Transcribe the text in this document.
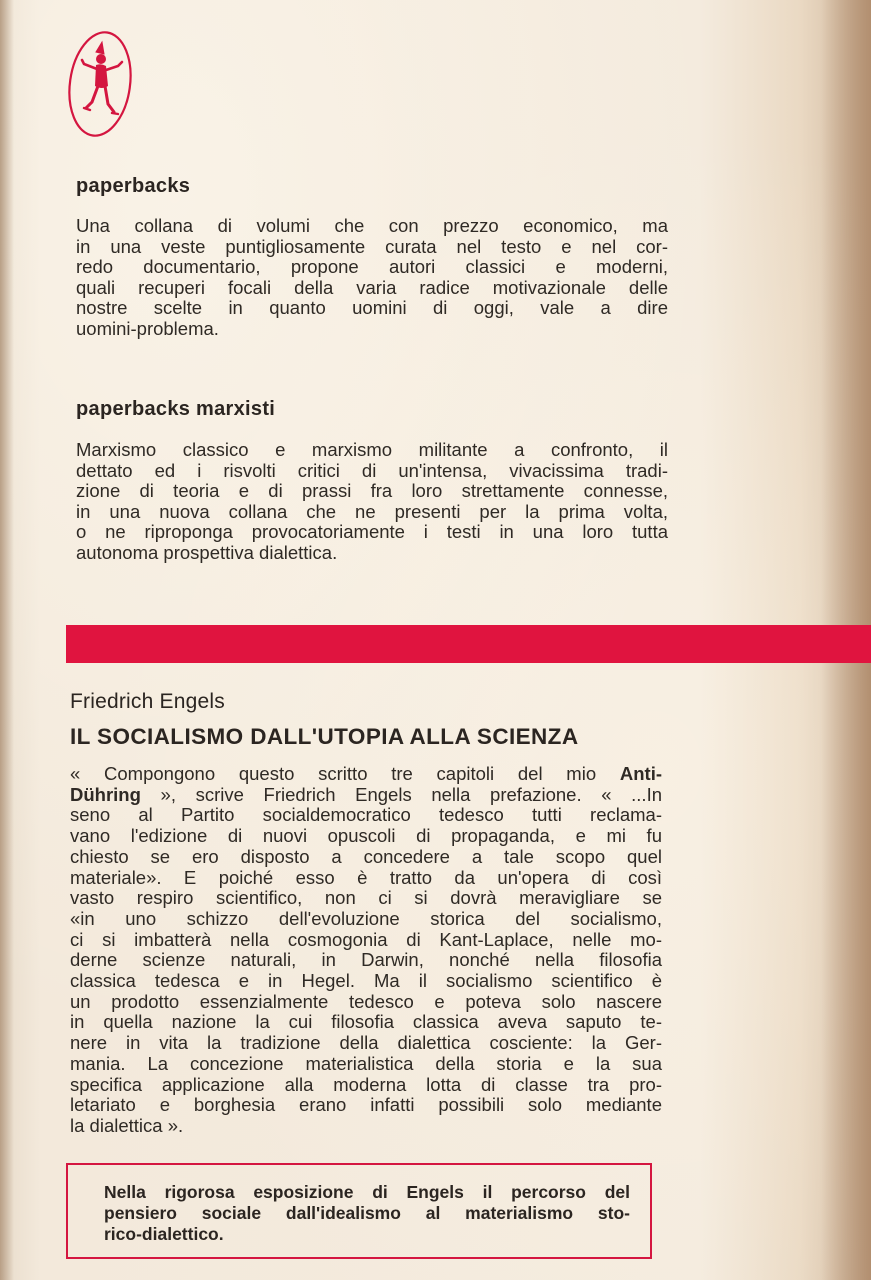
paperbacks
Una collana di volumi che con prezzo economico, ma
in una veste puntigliosamente curata nel testo e nel cor-
redo documentario, propone autori classici e moderni,
quali recuperi focali della varia radice motivazionale delle
nostre scelte in quanto uomini di oggi, vale a dire
uomini-problema.
paperbacks marxisti
Marxismo classico e marxismo militante a confronto, il
dettato ed i risvolti critici di un'intensa, vivacissima tradi-
zione di teoria e di prassi fra loro strettamente connesse,
in una nuova collana che ne presenti per la prima volta,
o ne riproponga provocatoriamente i testi in una loro tutta
autonoma prospettiva dialettica.
Friedrich Engels
IL SOCIALISMO DALL'UTOPIA ALLA SCIENZA
« Compongono questo scritto tre capitoli del mio Anti-
Dühring », scrive Friedrich Engels nella prefazione. « ...In
seno al Partito socialdemocratico tedesco tutti reclama-
vano l'edizione di nuovi opuscoli di propaganda, e mi fu
chiesto se ero disposto a concedere a tale scopo quel
materiale». E poiché esso è tratto da un'opera di così
vasto respiro scientifico, non ci si dovrà meravigliare se
«in uno schizzo dell'evoluzione storica del socialismo,
ci si imbatterà nella cosmogonia di Kant-Laplace, nelle mo-
derne scienze naturali, in Darwin, nonché nella filosofia
classica tedesca e in Hegel. Ma il socialismo scientifico è
un prodotto essenzialmente tedesco e poteva solo nascere
in quella nazione la cui filosofia classica aveva saputo te-
nere in vita la tradizione della dialettica cosciente: la Ger-
mania. La concezione materialistica della storia e la sua
specifica applicazione alla moderna lotta di classe tra pro-
letariato e borghesia erano infatti possibili solo mediante
la dialettica ».
Nella rigorosa esposizione di Engels il percorso del
pensiero sociale dall'idealismo al materialismo sto-
rico-dialettico.
